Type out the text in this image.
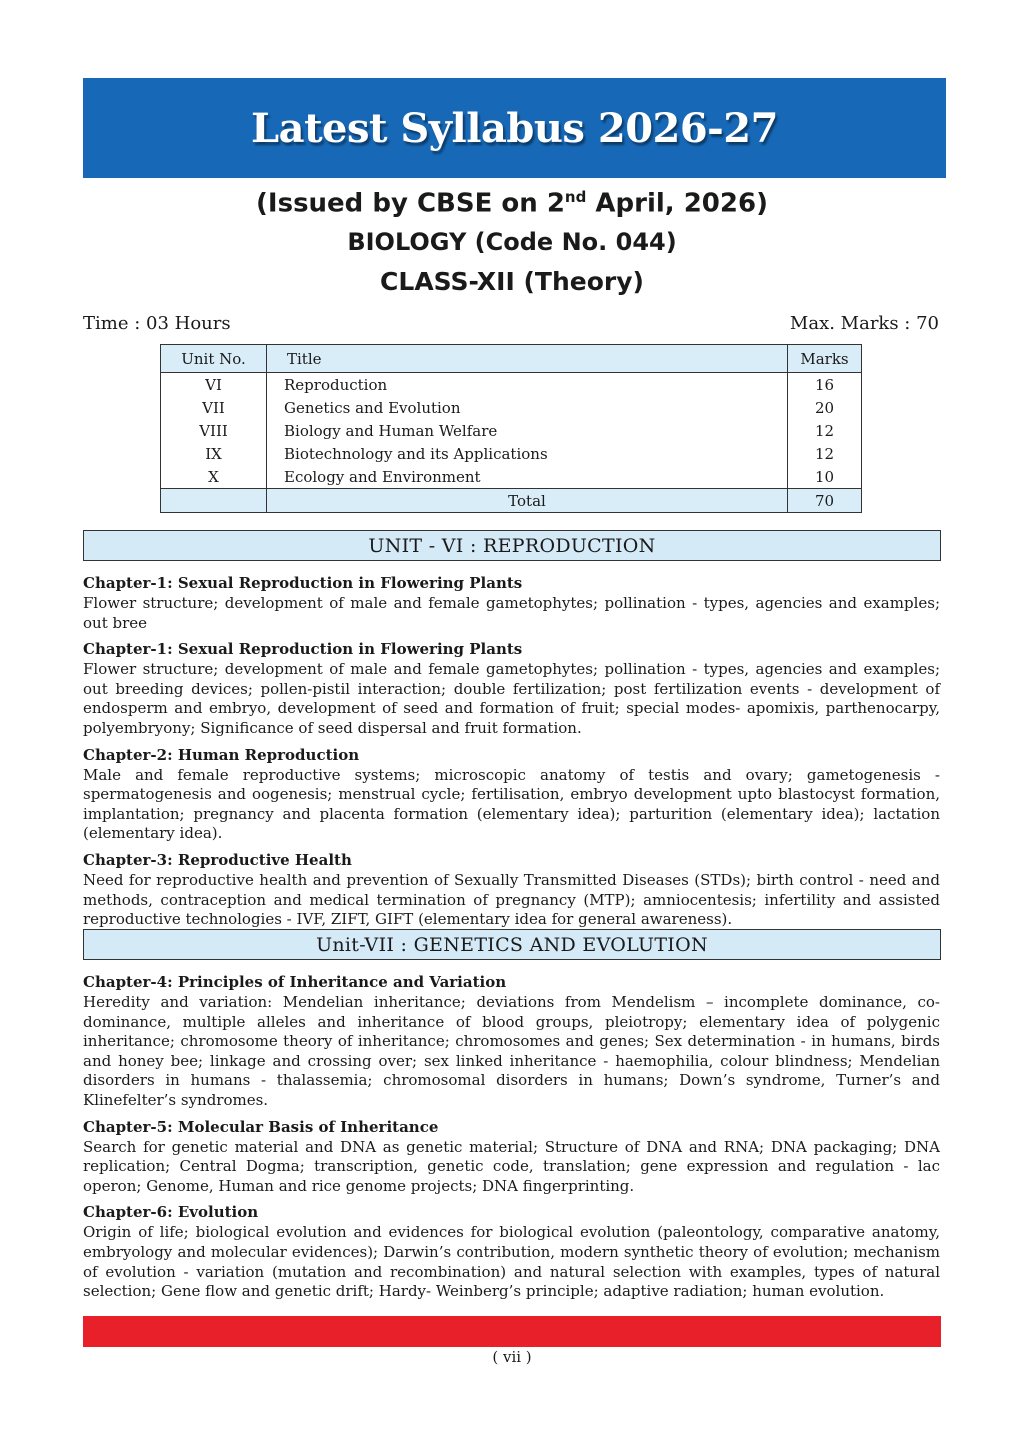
Latest Syllabus 2026-27
(Issued by CBSE on 2nd April, 2026)
BIOLOGY (Code No. 044)
CLASS-XII (Theory)
Time : 03 Hours	Max. Marks : 70
Unit No.	Title	Marks
VI	Reproduction	16
VII	Genetics and Evolution	20
VIII	Biology and Human Welfare	12
IX	Biotechnology and its Applications	12
X	Ecology and Environment	10
	Total	70
UNIT - VI : REPRODUCTION

Chapter-1: Sexual Reproduction in Flowering Plants

Flower structure; development of male and female gametophytes; pollination - types, agencies and examples; out bree

Chapter-1: Sexual Reproduction in Flowering Plants

Flower structure; development of male and female gametophytes; pollination - types, agencies and examples; out breeding devices; pollen-pistil interaction; double fertilization; post fertilization events - development of endosperm and embryo, development of seed and formation of fruit; special modes- apomixis, parthenocarpy, polyembryony; Significance of seed dispersal and fruit formation.

Chapter-2: Human Reproduction

Male and female reproductive systems; microscopic anatomy of testis and ovary; gametogenesis -spermatogenesis and oogenesis; menstrual cycle; fertilisation, embryo development upto blastocyst formation, implantation; pregnancy and placenta formation (elementary idea); parturition (elementary idea); lactation (elementary idea).

Chapter-3: Reproductive Health

Need for reproductive health and prevention of Sexually Transmitted Diseases (STDs); birth control - need and methods, contraception and medical termination of pregnancy (MTP); amniocentesis; infertility and assisted reproductive technologies - IVF, ZIFT, GIFT (elementary idea for general awareness).

Unit-VII : GENETICS AND EVOLUTION

Chapter-4: Principles of Inheritance and Variation

Heredity and variation: Mendelian inheritance; deviations from Mendelism – incomplete dominance, co-dominance, multiple alleles and inheritance of blood groups, pleiotropy; elementary idea of polygenic inheritance; chromosome theory of inheritance; chromosomes and genes; Sex determination - in humans, birds and honey bee; linkage and crossing over; sex linked inheritance - haemophilia, colour blindness; Mendelian disorders in humans - thalassemia; chromosomal disorders in humans; Down’s syndrome, Turner’s and Klinefelter’s syndromes.

Chapter-5: Molecular Basis of Inheritance

Search for genetic material and DNA as genetic material; Structure of DNA and RNA; DNA packaging; DNA replication; Central Dogma; transcription, genetic code, translation; gene expression and regulation - lac operon; Genome, Human and rice genome projects; DNA fingerprinting.

Chapter-6: Evolution

Origin of life; biological evolution and evidences for biological evolution (paleontology, comparative anatomy, embryology and molecular evidences); Darwin’s contribution, modern synthetic theory of evolution; mechanism of evolution - variation (mutation and recombination) and natural selection with examples, types of natural selection; Gene flow and genetic drift; Hardy- Weinberg’s principle; adaptive radiation; human evolution.

( vii )
